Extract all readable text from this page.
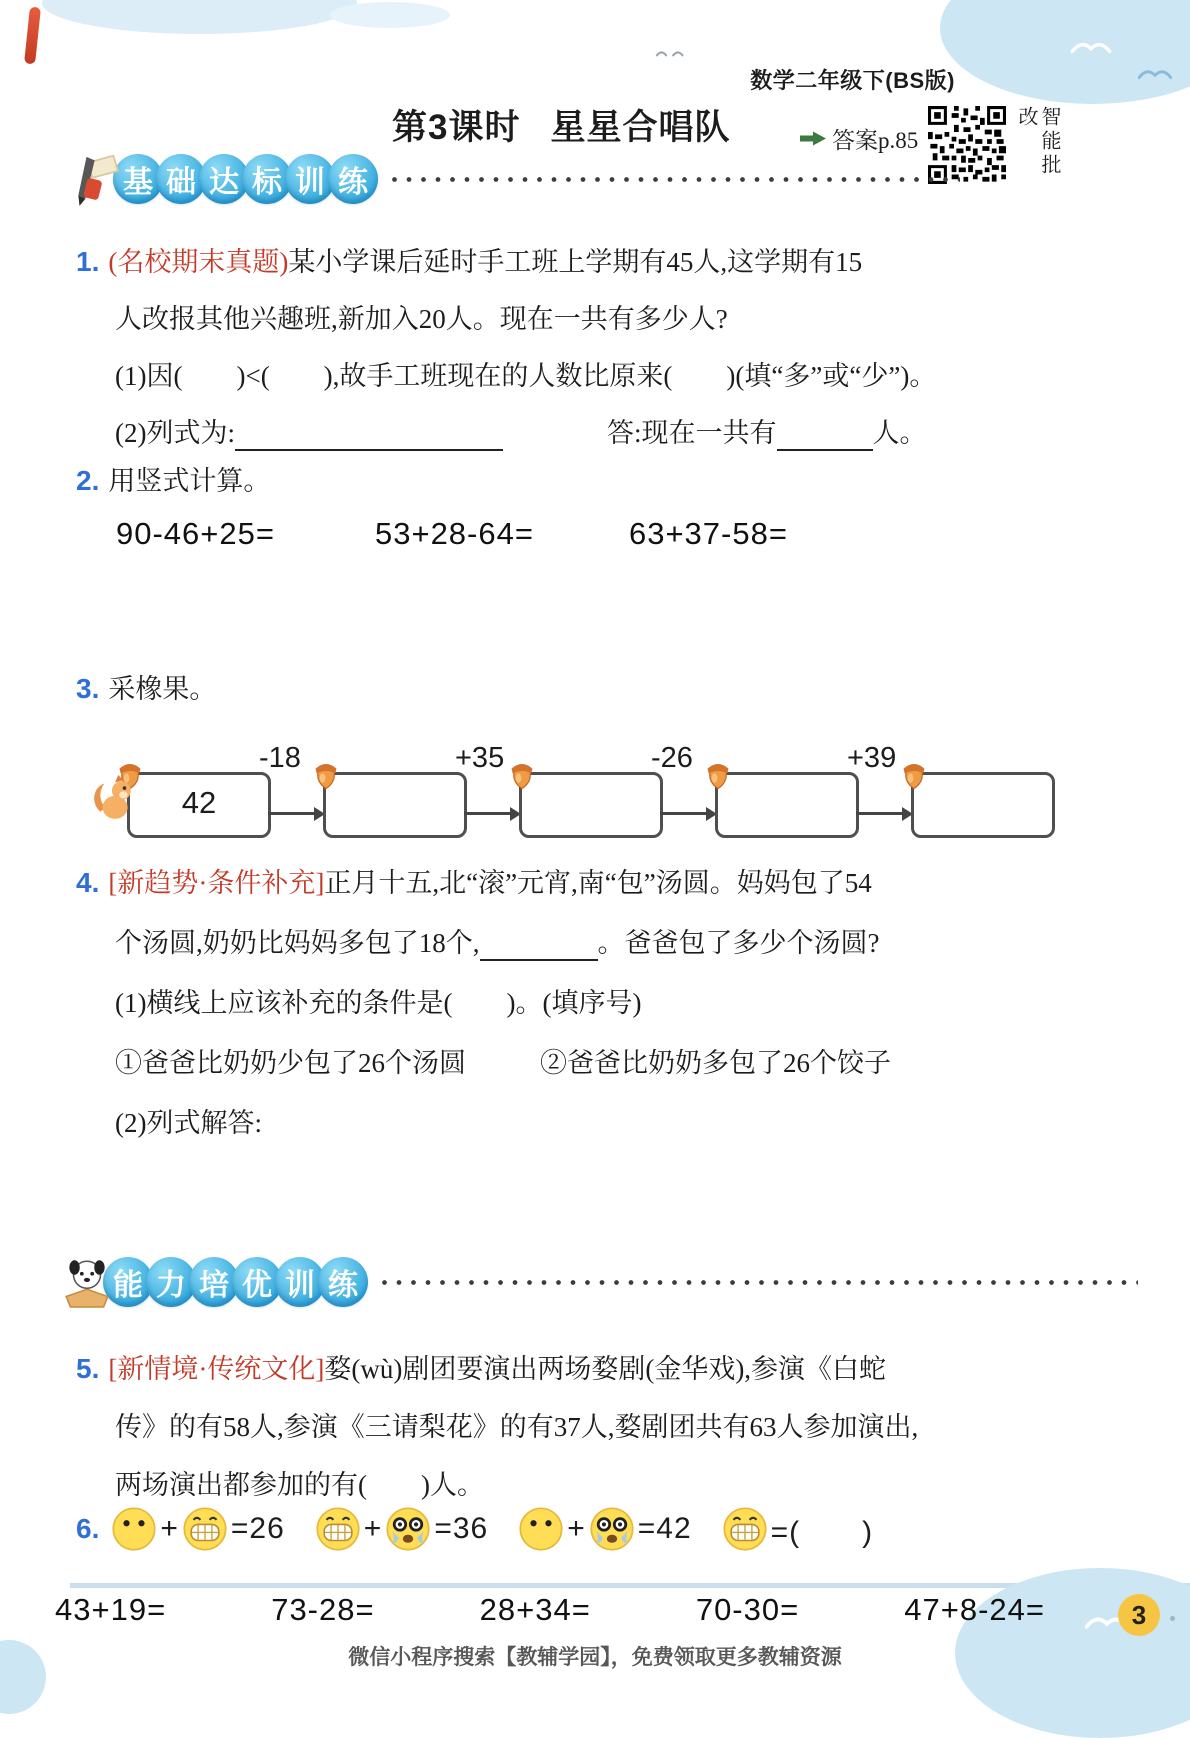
数学二年级下(BS版)
第3课时 星星合唱队	答案p.85	智能批改
基 础 达 标 训 练
1. (名校期末真题)某小学课后延时手工班上学期有45人,这学期有15
人改报其他兴趣班,新加入20人。现在一共有多少人?
(1)因(　　)<(　　),故手工班现在的人数比原来(　　)(填“多”或“少”)。
(2)列式为:	答:现在一共有	人。
2. 用竖式计算。
90-46+25=	53+28-64=	63+37-58=
3. 采橡果。
42
-18	+35	-26	+39
4. [新趋势·条件补充]正月十五,北“滚”元宵,南“包”汤圆。妈妈包了54
个汤圆,奶奶比妈妈多包了18个,	。爸爸包了多少个汤圆?
(1)横线上应该补充的条件是(　　)。(填序号)
①爸爸比奶奶少包了26个汤圆	②爸爸比奶奶多包了26个饺子
(2)列式解答:
能 力 培 优 训 练
5. [新情境·传统文化]婺(wù)剧团要演出两场婺剧(金华戏),参演《白蛇
传》的有58人,参演《三请梨花》的有37人,婺剧团共有63人参加演出,
两场演出都参加的有(　　)人。
6. + =26	+ =36	+ =42	=(　　)
43+19=	73-28=	28+34=	70-30=	47+8-24=	3
微信小程序搜索【教辅学园】，免费领取更多教辅资源
